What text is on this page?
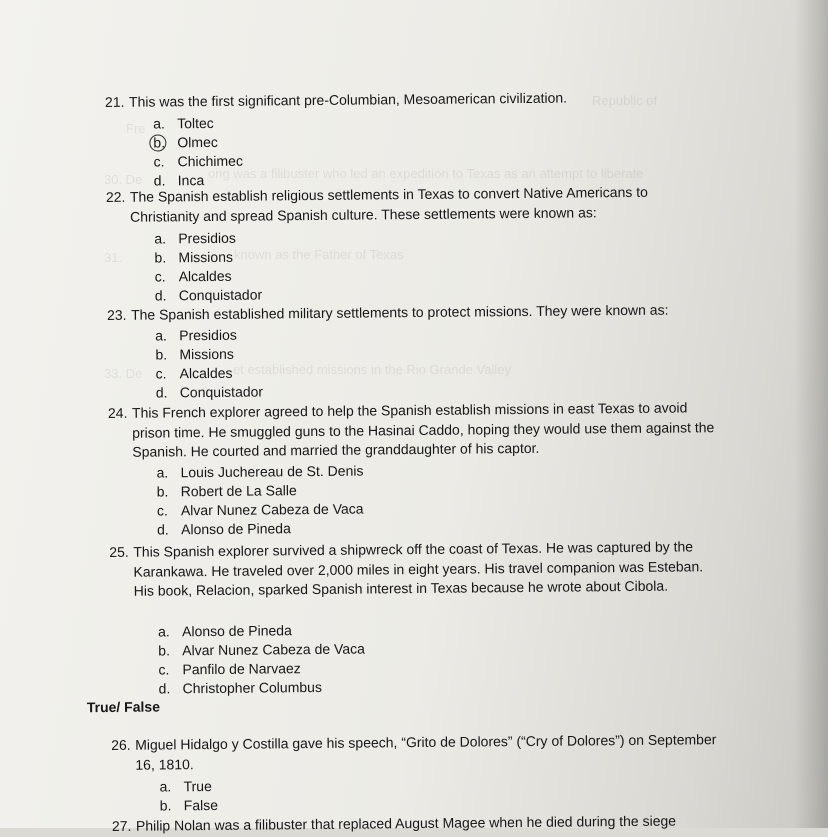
Republic of
Fre
30. De	ong was a filibuster who led an expedition to Texas as an attempt to liberate
31.	known as the Father of Texas
33. De	et established missions in the Rio Grande Valley
21. This was the first significant pre-Columbian, Mesoamerican civilization.
a. Toltec
b. Olmec
c. Chichimec
d. Inca
22. The Spanish establish religious settlements in Texas to convert Native Americans to Christianity and spread Spanish culture. These settlements were known as:
a. Presidios
b. Missions
c. Alcaldes
d. Conquistador
23. The Spanish established military settlements to protect missions. They were known as:
a. Presidios
b. Missions
c. Alcaldes
d. Conquistador
24. This French explorer agreed to help the Spanish establish missions in east Texas to avoid prison time. He smuggled guns to the Hasinai Caddo, hoping they would use them against the Spanish. He courted and married the granddaughter of his captor.
a. Louis Juchereau de St. Denis
b. Robert de La Salle
c. Alvar Nunez Cabeza de Vaca
d. Alonso de Pineda
25. This Spanish explorer survived a shipwreck off the coast of Texas. He was captured by the Karankawa. He traveled over 2,000 miles in eight years. His travel companion was Esteban. His book, Relacion, sparked Spanish interest in Texas because he wrote about Cibola.
a. Alonso de Pineda
b. Alvar Nunez Cabeza de Vaca
c. Panfilo de Narvaez
d. Christopher Columbus
True/ False
26. Miguel Hidalgo y Costilla gave his speech, “Grito de Dolores” (“Cry of Dolores”) on September 16, 1810.
a. True
b. False
27. Philip Nolan was a filibuster that replaced August Magee when he died during the siege
